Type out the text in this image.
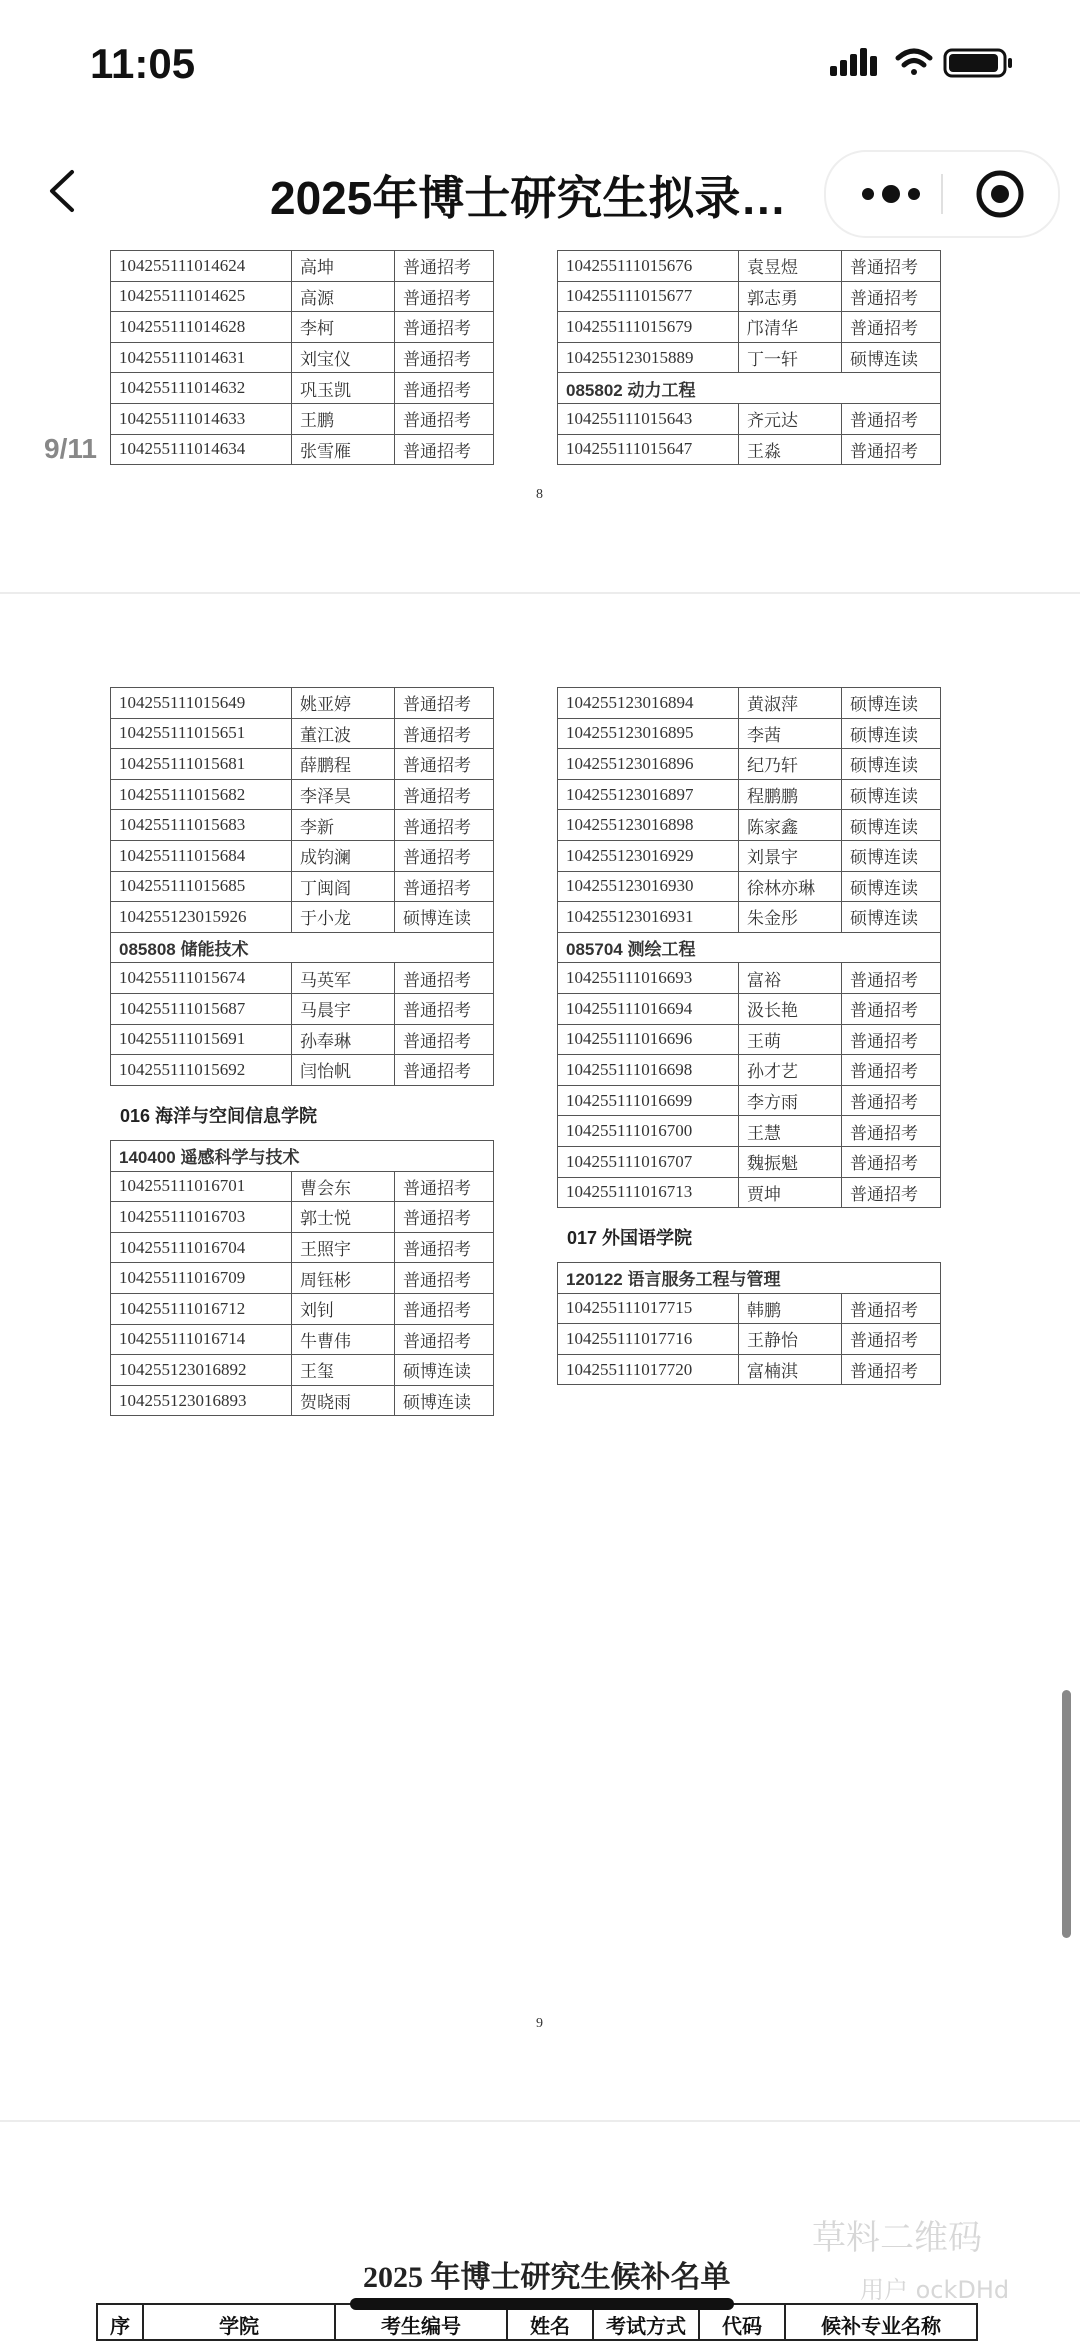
11:05
2025年博士研究生拟录…
104255111014624	高坤	普通招考
104255111014625	高源	普通招考
104255111014628	李柯	普通招考
104255111014631	刘宝仪	普通招考
104255111014632	巩玉凯	普通招考
104255111014633	王鹏	普通招考
104255111014634	张雪雁	普通招考
104255111015676	袁昱煜	普通招考
104255111015677	郭志勇	普通招考
104255111015679	邝清华	普通招考
104255123015889	丁一轩	硕博连读
085802 动力工程		
104255111015643	齐元达	普通招考
104255111015647	王淼	普通招考
8
104255111015649	姚亚婷	普通招考
104255111015651	董江波	普通招考
104255111015681	薛鹏程	普通招考
104255111015682	李泽昊	普通招考
104255111015683	李新	普通招考
104255111015684	成钧澜	普通招考
104255111015685	丁闽阎	普通招考
104255123015926	于小龙	硕博连读
085808 储能技术		
104255111015674	马英军	普通招考
104255111015687	马晨宇	普通招考
104255111015691	孙奉琳	普通招考
104255111015692	闫怡帆	普通招考
016 海洋与空间信息学院
140400 遥感科学与技术		
104255111016701	曹会东	普通招考
104255111016703	郭士悦	普通招考
104255111016704	王照宇	普通招考
104255111016709	周钰彬	普通招考
104255111016712	刘钊	普通招考
104255111016714	牛曹伟	普通招考
104255123016892	王玺	硕博连读
104255123016893	贺晓雨	硕博连读
104255123016894	黄淑萍	硕博连读
104255123016895	李茜	硕博连读
104255123016896	纪乃轩	硕博连读
104255123016897	程鹏鹏	硕博连读
104255123016898	陈家鑫	硕博连读
104255123016929	刘景宇	硕博连读
104255123016930	徐林亦琳	硕博连读
104255123016931	朱金彤	硕博连读
085704 测绘工程		
104255111016693	富裕	普通招考
104255111016694	汲长艳	普通招考
104255111016696	王萌	普通招考
104255111016698	孙才艺	普通招考
104255111016699	李方雨	普通招考
104255111016700	王慧	普通招考
104255111016707	魏振魁	普通招考
104255111016713	贾坤	普通招考
017 外国语学院
120122 语言服务工程与管理		
104255111017715	韩鹏	普通招考
104255111017716	王静怡	普通招考
104255111017720	富楠淇	普通招考
9
9/11
2025 年博士研究生候补名单
序	学院	考生编号	姓名	考试方式	代码	候补专业名称
草料二维码
用户 ockDHd
